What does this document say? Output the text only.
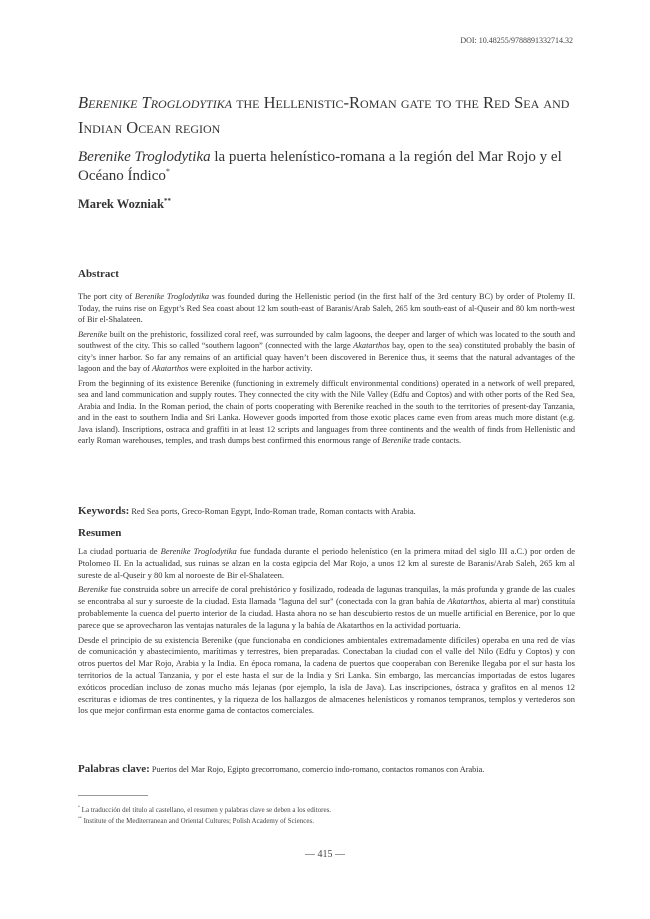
DOI: 10.48255/9788891332714.32
Berenike Troglodytika the Hellenistic-Roman gate to the Red Sea and Indian Ocean region
Berenike Troglodytika la puerta helenístico-romana a la región del Mar Rojo y el Océano Índico*
Marek Wozniak**
Abstract

The port city of Berenike Troglodytika was founded during the Hellenistic period (in the first half of the 3rd century BC) by order of Ptolemy II. Today, the ruins rise on Egypt’s Red Sea coast about 12 km south-east of Baranis/Arab Saleh, 265 km south-east of al-Quseir and 80 km north-west of Bir el-Shalateen.

Berenike built on the prehistoric, fossilized coral reef, was surrounded by calm lagoons, the deeper and larger of which was located to the south and southwest of the city. This so called “southern lagoon” (connected with the large Akatarthos bay, open to the sea) constituted probably the basin of city’s inner harbor. So far any remains of an artificial quay haven’t been discovered in Berenice thus, it seems that the natural advantages of the lagoon and the bay of Akatarthos were exploited in the harbor activity.

From the beginning of its existence Berenike (functioning in extremely difficult environmental conditions) operated in a network of well prepared, sea and land communication and supply routes. They connected the city with the Nile Valley (Edfu and Coptos) and with other ports of the Red Sea, Arabia and India. In the Roman period, the chain of ports cooperating with Berenike reached in the south to the territories of present-day Tanzania, and in the east to southern India and Sri Lanka. However goods imported from those exotic places came even from areas much more distant (e.g. Java island). Inscriptions, ostraca and graffiti in at least 12 scripts and languages from three continents and the wealth of finds from Hellenistic and early Roman warehouses, temples, and trash dumps best confirmed this enormous range of Berenike trade contacts.

Keywords: Red Sea ports, Greco-Roman Egypt, Indo-Roman trade, Roman contacts with Arabia.
Resumen

La ciudad portuaria de Berenike Troglodytika fue fundada durante el periodo helenístico (en la primera mitad del siglo III a.C.) por orden de Ptolomeo II. En la actualidad, sus ruinas se alzan en la costa egipcia del Mar Rojo, a unos 12 km al sureste de Baranis/Arab Saleh, 265 km al sureste de al-Quseir y 80 km al noroeste de Bir el-Shalateen.

Berenike fue construida sobre un arrecife de coral prehistórico y fosilizado, rodeada de lagunas tranquilas, la más profunda y grande de las cuales se encontraba al sur y suroeste de la ciudad. Esta llamada "laguna del sur" (conectada con la gran bahía de Akatarthos, abierta al mar) constituía probablemente la cuenca del puerto interior de la ciudad. Hasta ahora no se han descubierto restos de un muelle artificial en Berenice, por lo que parece que se aprovecharon las ventajas naturales de la laguna y la bahía de Akatarthos en la actividad portuaria.

Desde el principio de su existencia Berenike (que funcionaba en condiciones ambientales extremadamente difíciles) operaba en una red de vías de comunicación y abastecimiento, marítimas y terrestres, bien preparadas. Conectaban la ciudad con el valle del Nilo (Edfu y Coptos) y con otros puertos del Mar Rojo, Arabia y la India. En época romana, la cadena de puertos que cooperaban con Berenike llegaba por el sur hasta los territorios de la actual Tanzania, y por el este hasta el sur de la India y Sri Lanka. Sin embargo, las mercancías importadas de estos lugares exóticos procedían incluso de zonas mucho más lejanas (por ejemplo, la isla de Java). Las inscripciones, óstraca y grafitos en al menos 12 escrituras e idiomas de tres continentes, y la riqueza de los hallazgos de almacenes helenísticos y romanos tempranos, templos y vertederos son los que mejor confirman esta enorme gama de contactos comerciales.

Palabras clave: Puertos del Mar Rojo, Egipto grecorromano, comercio indo-romano, contactos romanos con Arabia.
* La traducción del título al castellano, el resumen y palabras clave se deben a los editores.
** Institute of the Mediterranean and Oriental Cultures; Polish Academy of Sciences.
— 415 —
